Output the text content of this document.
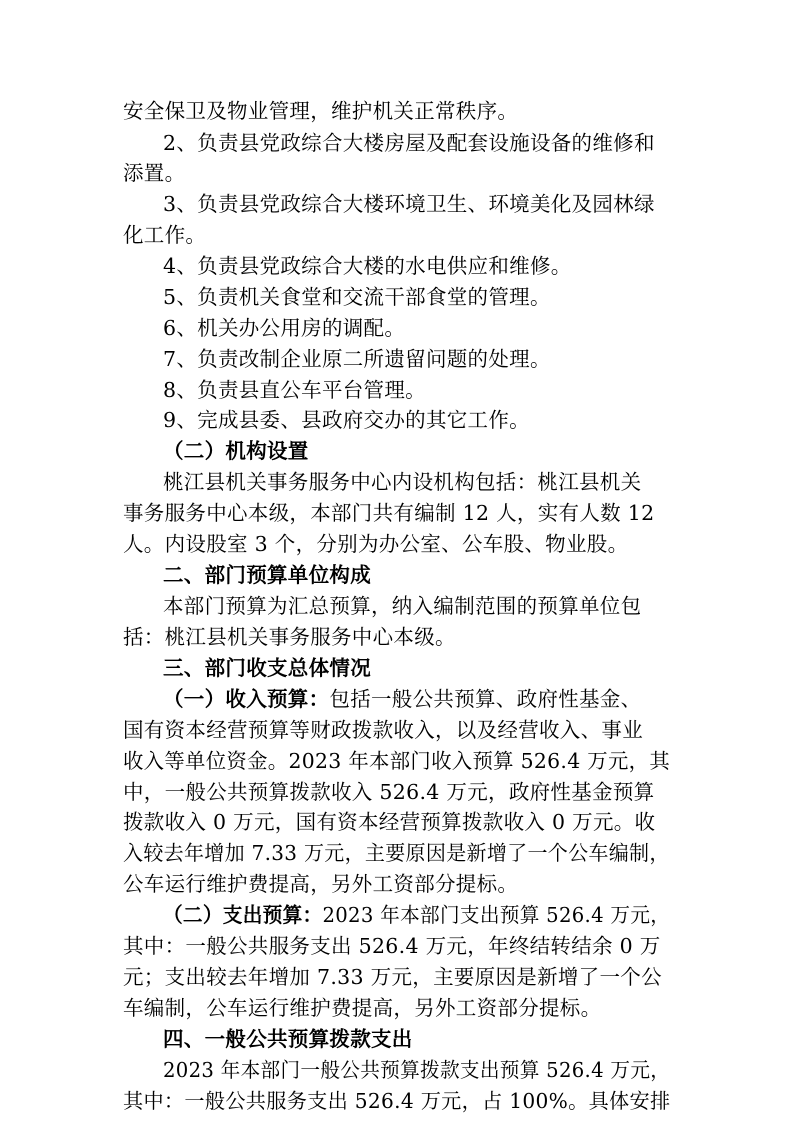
安全保卫及物业管理，维护机关正常秩序。
2、负责县党政综合大楼房屋及配套设施设备的维修和
添置。
3、负责县党政综合大楼环境卫生、环境美化及园林绿
化工作。
4、负责县党政综合大楼的水电供应和维修。
5、负责机关食堂和交流干部食堂的管理。
6、机关办公用房的调配。
7、负责改制企业原二所遗留问题的处理。
8、负责县直公车平台管理。
9、完成县委、县政府交办的其它工作。
（二）机构设置
桃江县机关事务服务中心内设机构包括：桃江县机关
事务服务中心本级，本部门共有编制 12 人，实有人数 12
人。内设股室 3 个，分别为办公室、公车股、物业股。
二、部门预算单位构成
本部门预算为汇总预算，纳入编制范围的预算单位包
括：桃江县机关事务服务中心本级。
三、部门收支总体情况
（一）收入预算：包括一般公共预算、政府性基金、
国有资本经营预算等财政拨款收入，以及经营收入、事业
收入等单位资金。2023 年本部门收入预算 526.4 万元，其
中，一般公共预算拨款收入 526.4 万元，政府性基金预算
拨款收入 0 万元，国有资本经营预算拨款收入 0 万元。收
入较去年增加 7.33 万元，主要原因是新增了一个公车编制，
公车运行维护费提高，另外工资部分提标。
（二）支出预算：2023 年本部门支出预算 526.4 万元，
其中：一般公共服务支出 526.4 万元，年终结转结余 0 万
元；支出较去年增加 7.33 万元，主要原因是新增了一个公
车编制，公车运行维护费提高，另外工资部分提标。
四、一般公共预算拨款支出
2023 年本部门一般公共预算拨款支出预算 526.4 万元，
其中：一般公共服务支出 526.4 万元，占 100%。具体安排
